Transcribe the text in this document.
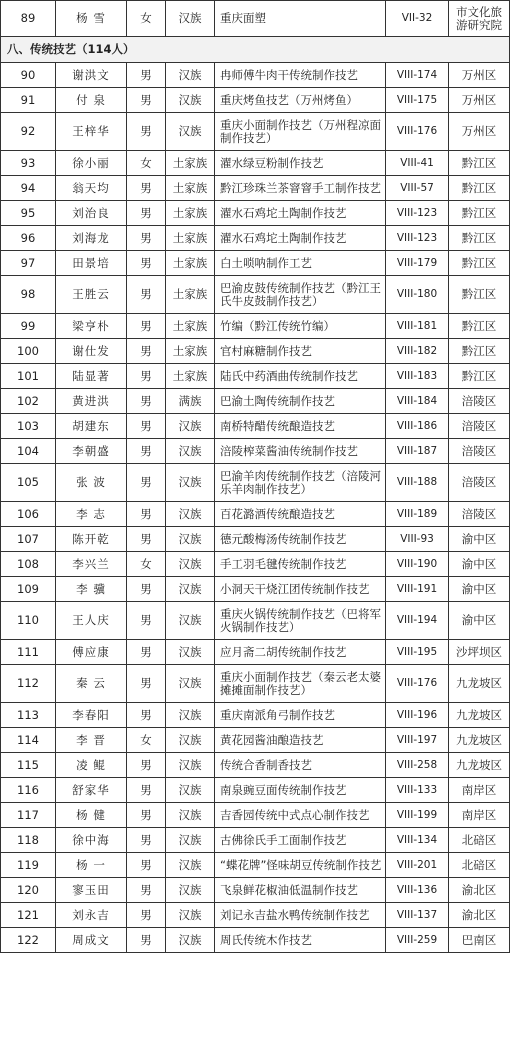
89	杨 雪	女	汉族	重庆面塑	VII-32	市文化旅游研究院
八、传统技艺（114人）						
90	谢洪文	男	汉族	冉师傅牛肉干传统制作技艺	VIII-174	万州区
91	付 泉	男	汉族	重庆烤鱼技艺（万州烤鱼）	VIII-175	万州区
92	王梓华	男	汉族	重庆小面制作技艺（万州程凉面制作技艺）	VIII-176	万州区
93	徐小丽	女	土家族	濯水绿豆粉制作技艺	VIII-41	黔江区
94	翁天均	男	土家族	黔江珍珠兰茶窨窨手工制作技艺	VIII-57	黔江区
95	刘治良	男	土家族	濯水石鸡坨土陶制作技艺	VIII-123	黔江区
96	刘海龙	男	土家族	濯水石鸡坨土陶制作技艺	VIII-123	黔江区
97	田景培	男	土家族	白土唢呐制作工艺	VIII-179	黔江区
98	王胜云	男	土家族	巴渝皮鼓传统制作技艺（黔江王氏牛皮鼓制作技艺）	VIII-180	黔江区
99	梁亨朴	男	土家族	竹编（黔江传统竹编）	VIII-181	黔江区
100	谢仕发	男	土家族	官村麻糖制作技艺	VIII-182	黔江区
101	陆显著	男	土家族	陆氏中药酒曲传统制作技艺	VIII-183	黔江区
102	黄进洪	男	满族	巴渝土陶传统制作技艺	VIII-184	涪陵区
103	胡建东	男	汉族	南桥特醋传统酿造技艺	VIII-186	涪陵区
104	李朝盛	男	汉族	涪陵榨菜酱油传统制作技艺	VIII-187	涪陵区
105	张 波	男	汉族	巴渝羊肉传统制作技艺（涪陵河乐羊肉制作技艺）	VIII-188	涪陵区
106	李 志	男	汉族	百花潞酒传统酿造技艺	VIII-189	涪陵区
107	陈开乾	男	汉族	德元酸梅汤传统制作技艺	VIII-93	渝中区
108	李兴兰	女	汉族	手工羽毛毽传统制作技艺	VIII-190	渝中区
109	李 骥	男	汉族	小洞天干烧江团传统制作技艺	VIII-191	渝中区
110	王人庆	男	汉族	重庆火锅传统制作技艺（巴将军火锅制作技艺）	VIII-194	渝中区
111	傅应康	男	汉族	应月斋二胡传统制作技艺	VIII-195	沙坪坝区
112	秦 云	男	汉族	重庆小面制作技艺（秦云老太婆摊摊面制作技艺）	VIII-176	九龙坡区
113	李春阳	男	汉族	重庆南派角弓制作技艺	VIII-196	九龙坡区
114	李 晋	女	汉族	黄花园酱油酿造技艺	VIII-197	九龙坡区
115	凌 鲲	男	汉族	传统合香制香技艺	VIII-258	九龙坡区
116	舒家华	男	汉族	南泉豌豆面传统制作技艺	VIII-133	南岸区
117	杨 健	男	汉族	吉香园传统中式点心制作技艺	VIII-199	南岸区
118	徐中海	男	汉族	古佛徐氏手工面制作技艺	VIII-134	北碚区
119	杨 一	男	汉族	“蝶花牌”怪味胡豆传统制作技艺	VIII-201	北碚区
120	寥玉田	男	汉族	飞泉鲜花椒油低温制作技艺	VIII-136	渝北区
121	刘永吉	男	汉族	刘记永吉盐水鸭传统制作技艺	VIII-137	渝北区
122	周成文	男	汉族	周氏传统木作技艺	VIII-259	巴南区
